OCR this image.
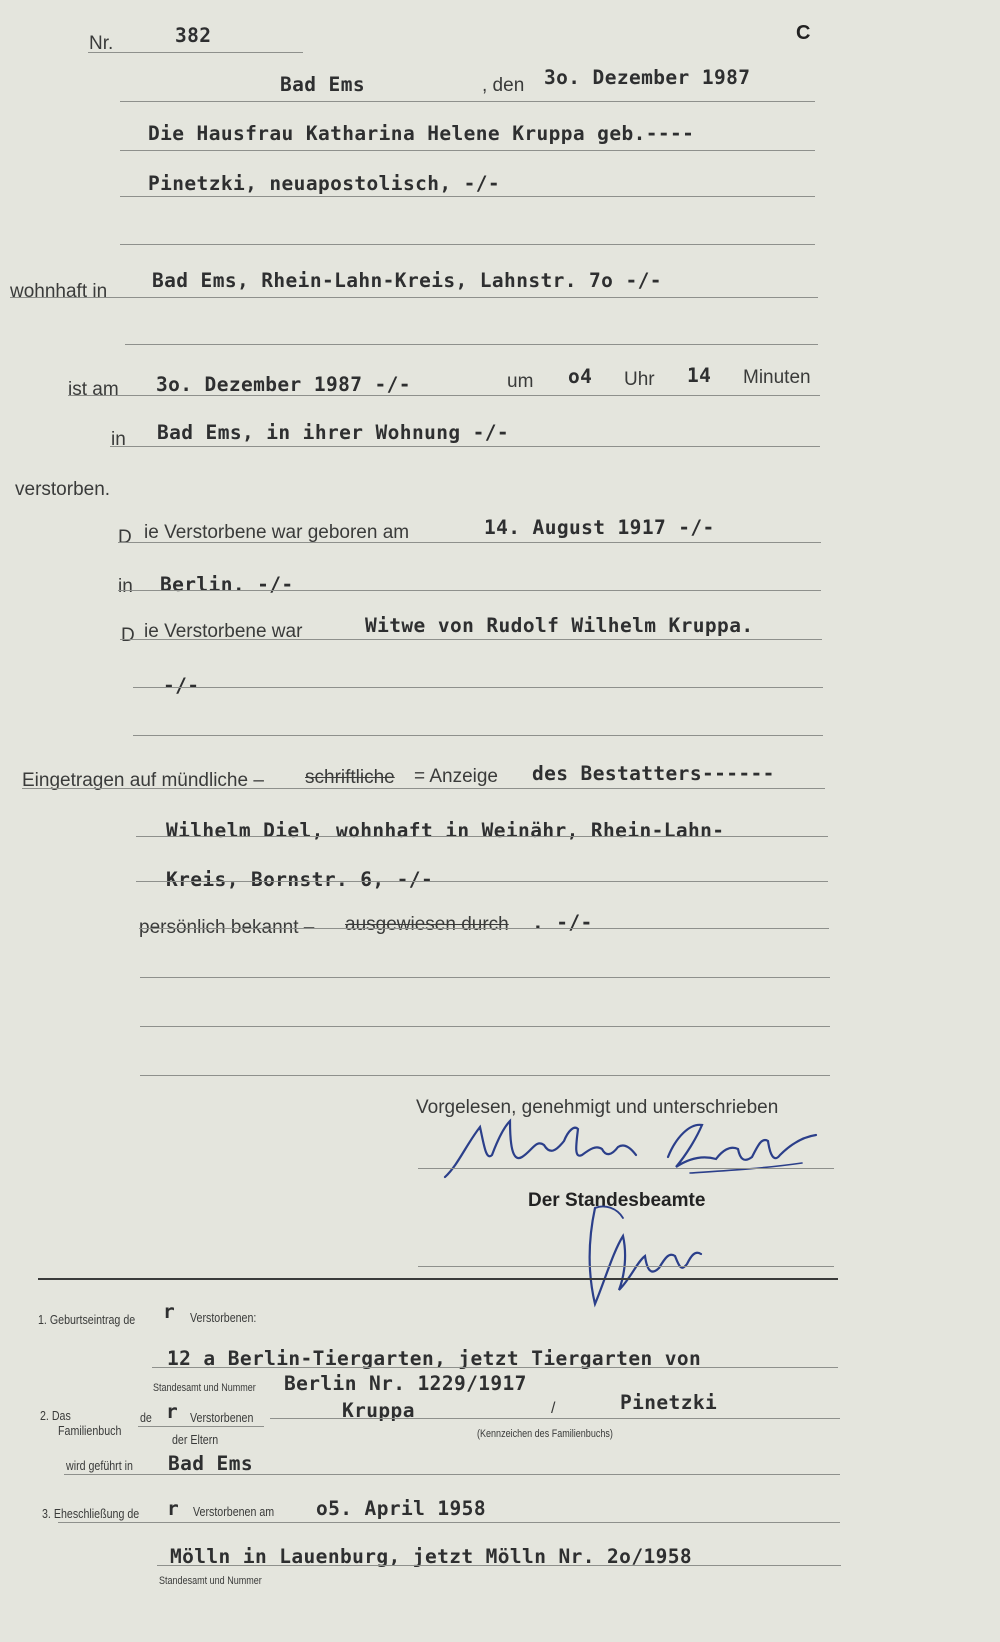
Nr.	382	C
Bad Ems	, den 3o. Dezember 1987
Die Hausfrau Katharina Helene Kruppa geb.----
Pinetzki, neuapostolisch, -/-
wohnhaft in Bad Ems, Rhein-Lahn-Kreis, Lahnstr. 7o -/-
ist am 3o. Dezember 1987 -/-	um o4 Uhr 14 Minuten
in Bad Ems, in ihrer Wohnung -/-
verstorben.
D ie Verstorbene war geboren am	14. August 1917 -/-
in Berlin. -/-
D ie Verstorbene war	Witwe von Rudolf Wilhelm Kruppa.
-/-
Eingetragen auf mündliche – schriftliche = Anzeige des Bestatters------
Wilhelm Diel, wohnhaft in Weinähr, Rhein-Lahn-
Kreis, Bornstr. 6, -/-
persönlich bekannt – ausgewiesen durch . -/-
Vorgelesen, genehmigt und unterschrieben
Der Standesbeamte
1. Geburtseintrag de r Verstorbenen:
12 a Berlin-Tiergarten, jetzt Tiergarten von
Standesamt und Nummer Berlin Nr. 1229/1917
2. Das
Familienbuch
de r Verstorbenen
der Eltern
Kruppa	/	Pinetzki
(Kennzeichen des Familienbuchs)
wird geführt in Bad Ems
3. Eheschließung de r Verstorbenen am o5. April 1958
Mölln in Lauenburg, jetzt Mölln Nr. 2o/1958
Standesamt und Nummer
